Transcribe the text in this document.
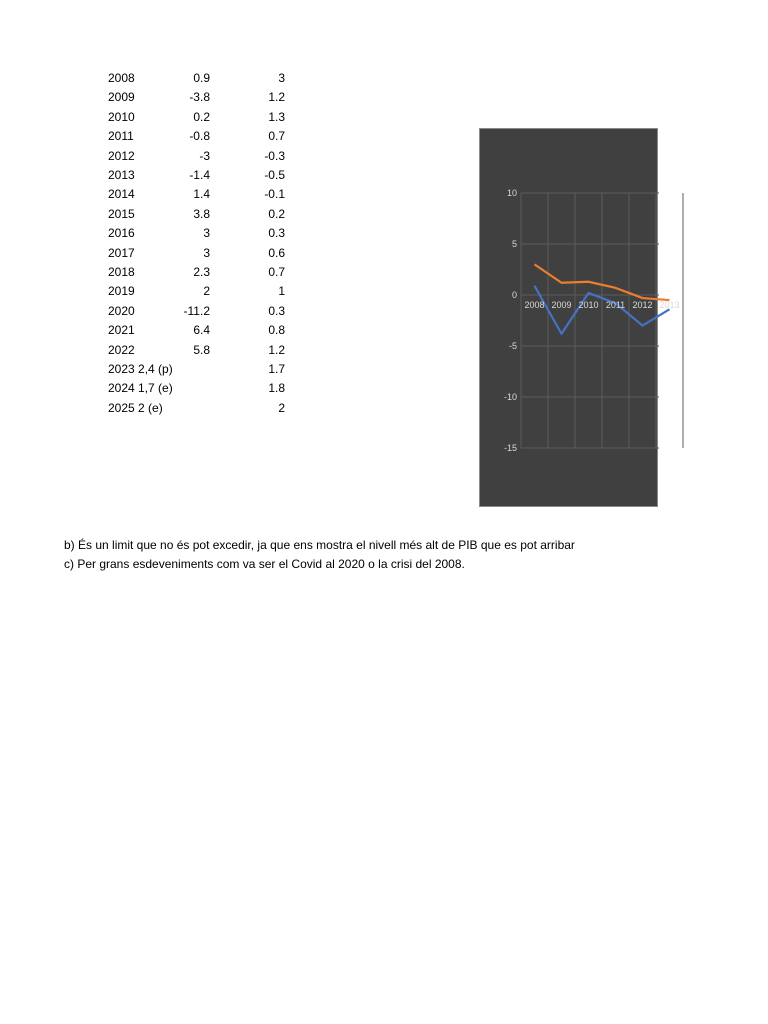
2008	0.9	3
2009	-3.8	1.2
2010	0.2	1.3
2011	-0.8	0.7
2012	-3	-0.3
2013	-1.4	-0.5
2014	1.4	-0.1
2015	3.8	0.2
2016	3	0.3
2017	3	0.6
2018	2.3	0.7
2019	2	1
2020	-11.2	0.3
2021	6.4	0.8
2022	5.8	1.2
2023 2,4 (p)	1.7
2024 1,7 (e)	1.8
2025 2 (e)	2
10
5
0
-5
-10
-15
2008 2009 2010 2011 2012 2013
b) És un limit que no és pot excedir, ja que ens mostra el nivell més alt de PIB que es pot arribar
c) Per grans esdeveniments com va ser el Covid al 2020 o la crisi del 2008.
